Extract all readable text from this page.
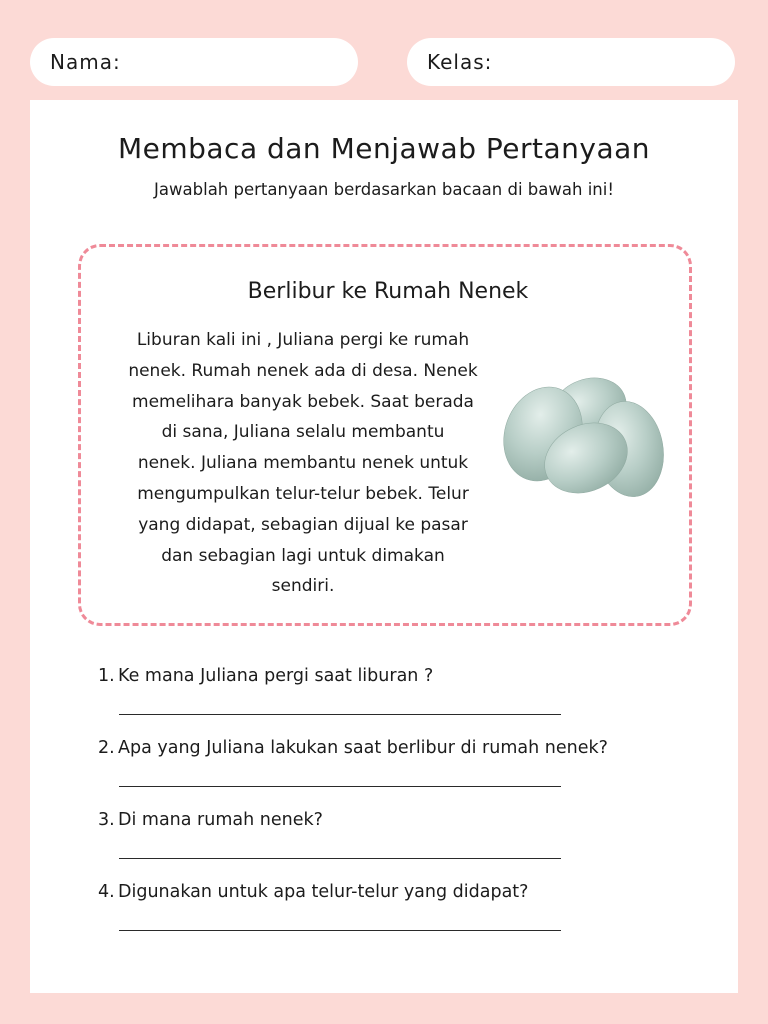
Nama:	Kelas:
Membaca dan Menjawab Pertanyaan
Jawablah pertanyaan berdasarkan bacaan di bawah ini!
Berlibur ke Rumah Nenek
Liburan kali ini , Juliana pergi ke rumah
nenek. Rumah nenek ada di desa. Nenek
memelihara banyak bebek. Saat berada
di sana, Juliana selalu membantu
nenek. Juliana membantu nenek untuk
mengumpulkan telur-telur bebek. Telur
yang didapat, sebagian dijual ke pasar
dan sebagian lagi untuk dimakan
sendiri.
1. Ke mana Juliana pergi saat liburan ?
2. Apa yang Juliana lakukan saat berlibur di rumah nenek?
3. Di mana rumah nenek?
4. Digunakan untuk apa telur-telur yang didapat?
